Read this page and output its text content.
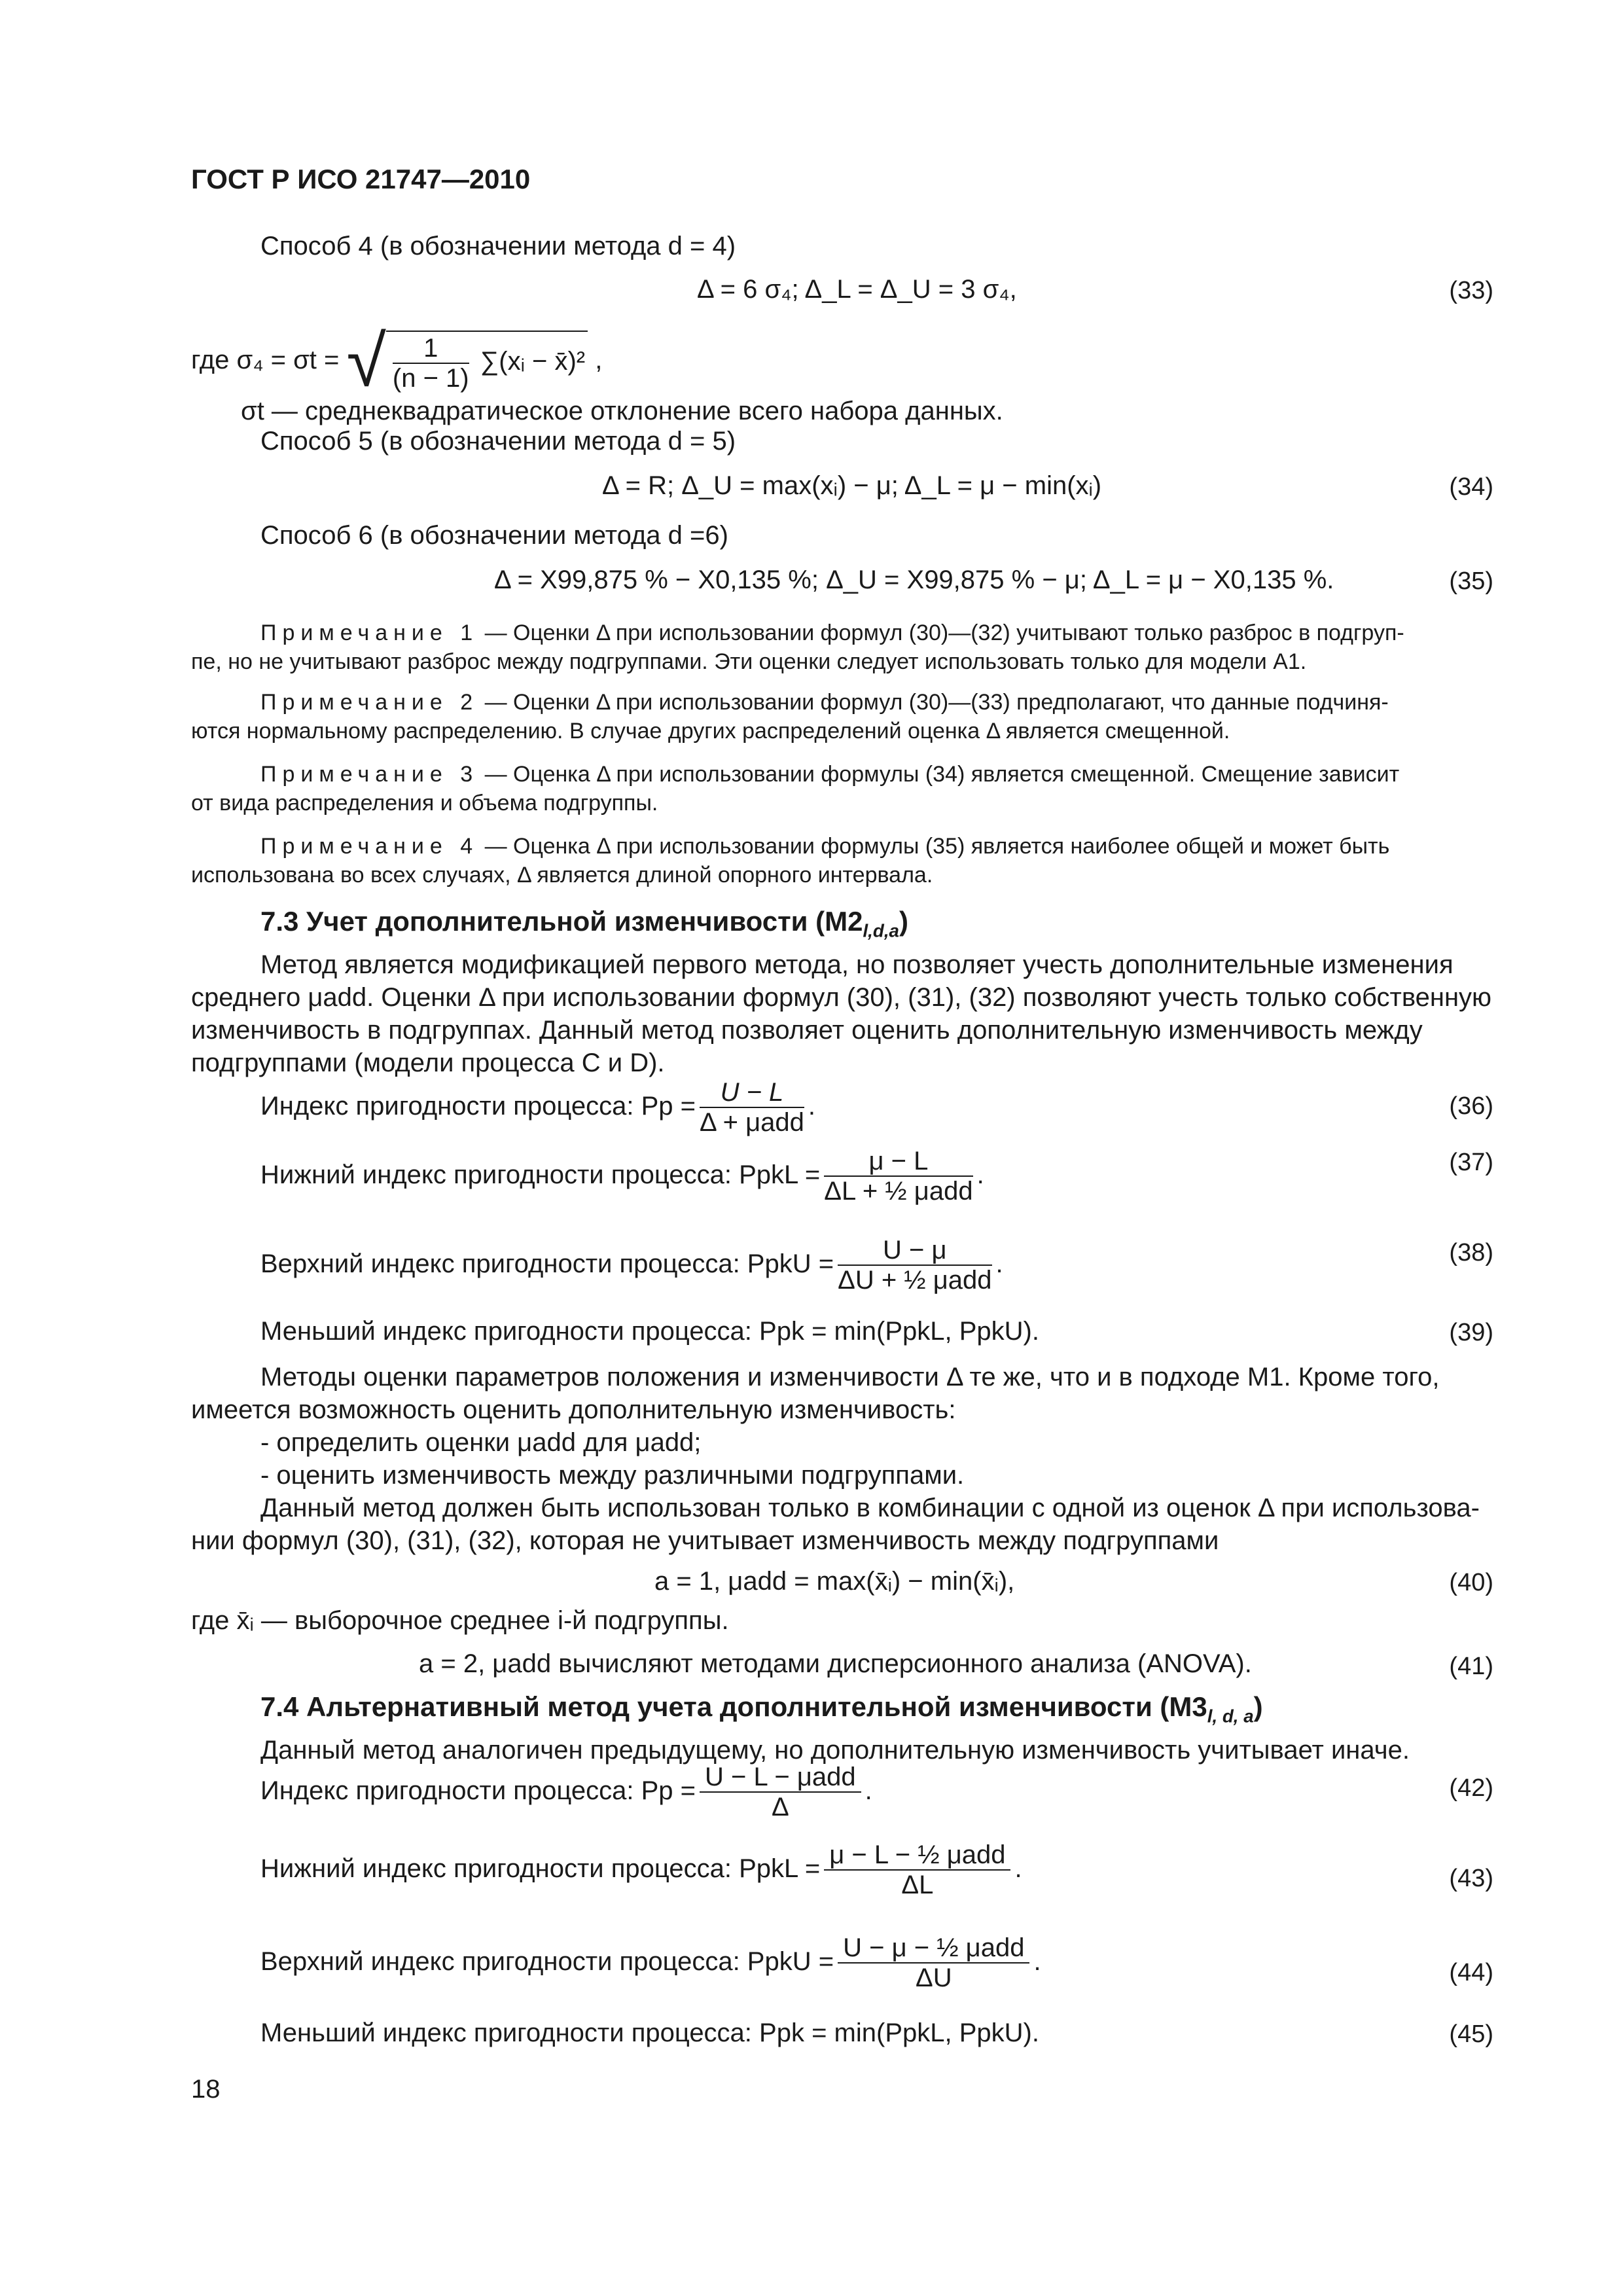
ГОСТ Р ИСО 21747—2010
Способ 4 (в обозначении метода d = 4)
Δ = 6 σ₄; Δ_L = Δ_U = 3 σ₄,	(33)
где σ₄ = σt = √ $\frac{1}{(n - 1)}$ ∑(xᵢ − x̄)² ,
σt — среднеквадратическое отклонение всего набора данных.
Способ 5 (в обозначении метода d = 5)
Δ = R; Δ_U = max(xᵢ) − μ; Δ_L = μ − min(xᵢ)	(34)
Способ 6 (в обозначении метода d =6)
Δ = X99,875 % − X0,135 %; Δ_U = X99,875 % − μ; Δ_L = μ − X0,135 %.	(35)
Примечание 1 — Оценки Δ при использовании формул (30)—(32) учитывают только разброс в подгруп-
пе, но не учитывают разброс между подгруппами. Эти оценки следует использовать только для модели А1.
Примечание 2 — Оценки Δ при использовании формул (30)—(33) предполагают, что данные подчиня-
ются нормальному распределению. В случае других распределений оценка Δ является смещенной.
Примечание 3 — Оценка Δ при использовании формулы (34) является смещенной. Смещение зависит
от вида распределения и объема подгруппы.
Примечание 4 — Оценка Δ при использовании формулы (35) является наиболее общей и может быть
использована во всех случаях, Δ является длиной опорного интервала.
7.3 Учет дополнительной изменчивости $(M2_{l,d,a})$
Метод является модификацией первого метода, но позволяет учесть дополнительные изменения
среднего μadd. Оценки Δ при использовании формул (30), (31), (32) позволяют учесть только собственную
изменчивость в подгруппах. Данный метод позволяет оценить дополнительную изменчивость между
подгруппами (модели процесса C и D).
Индекс пригодности процесса: $Pp = \frac{U - L}{\text{Δ + μadd}}$ .	(36)
Нижний индекс пригодности процесса: PpkL = $\frac{\mu - L}{\text{ΔL + ½ μadd}}$ .	(37)
Верхний индекс пригодности процесса: PpkU = $\frac{U - \mu}{\text{ΔU + ½ μadd}}$ .	(38)
Меньший индекс пригодности процесса: Ppk = min(PpkL, PpkU).	(39)
Методы оценки параметров положения и изменчивости Δ те же, что и в подходе M1. Кроме того,
имеется возможность оценить дополнительную изменчивость:
- определить оценки μadd для μadd;
- оценить изменчивость между различными подгруппами.
Данный метод должен быть использован только в комбинации с одной из оценок Δ при использова-
нии формул (30), (31), (32), которая не учитывает изменчивость между подгруппами
a = 1, μadd = max(x̄ᵢ) − min(x̄ᵢ),	(40)
где x̄ᵢ — выборочное среднее i-й подгруппы.
a = 2, μadd вычисляют методами дисперсионного анализа (ANOVA).	(41)
7.4 Альтернативный метод учета дополнительной изменчивости $(M3_{l, d, a})$
Данный метод аналогичен предыдущему, но дополнительную изменчивость учитывает иначе.
Индекс пригодности процесса: $Pp = \frac{\text{U − L − μadd}}{\Delta}$ .	(42)
Нижний индекс пригодности процесса: PpkL = $\frac{\text{μ − L − ½ μadd}}{\Delta L}$ .	(43)
Верхний индекс пригодности процесса: PpkU = $\frac{\text{U − μ − ½ μadd}}{\Delta U}$ .	(44)
Меньший индекс пригодности процесса: Ppk = min(PpkL, PpkU).	(45)
18
